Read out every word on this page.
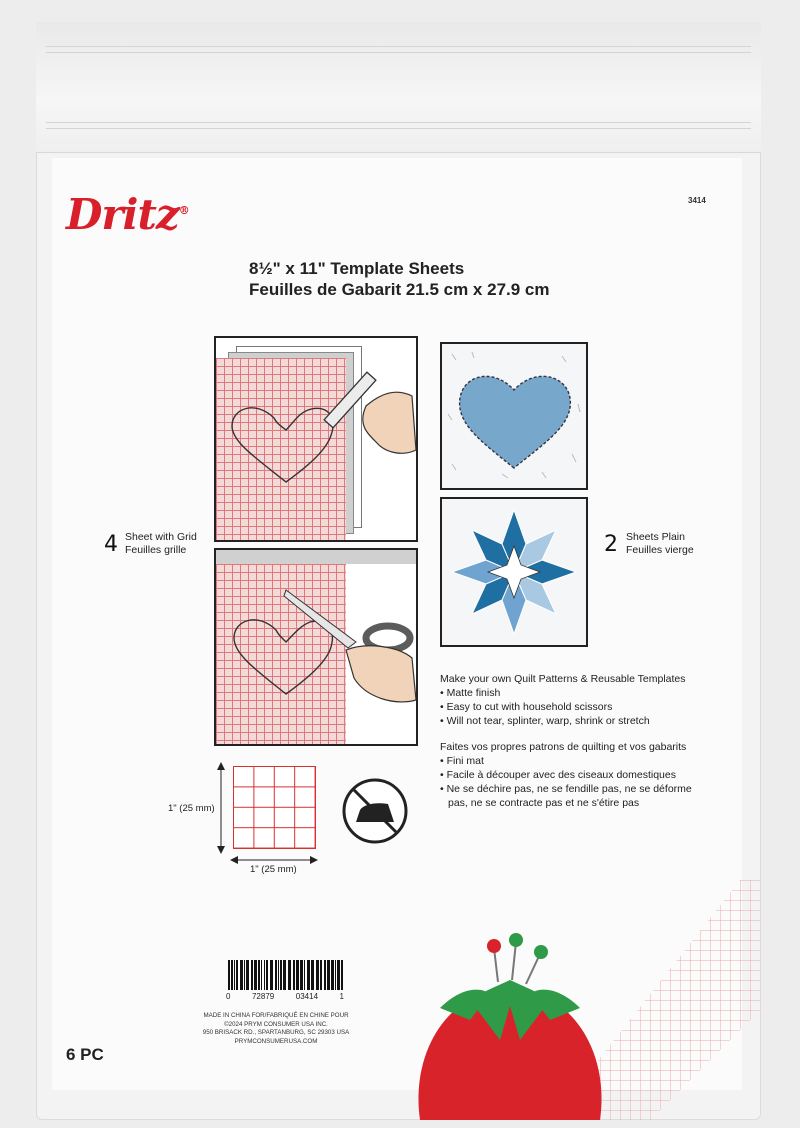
Dritz®
3414
8½" x 11" Template Sheets
Feuilles de Gabarit 21.5 cm x 27.9 cm
4 Sheet with Grid
Feuilles grille	2 Sheets Plain
Feuilles vierge
1" (25 mm)
1" (25 mm)
Make your own Quilt Patterns & Reusable Templates
• Matte finish
• Easy to cut with household scissors
• Will not tear, splinter, warp, shrink or stretch
Faites vos propres patrons de quilting et vos gabarits
• Fini mat
• Facile à découper avec des ciseaux domestiques
• Ne se déchire pas, ne se fendille pas, ne se déforme
pas, ne se contracte pas et ne s'étire pas
0	72879	03414	1
MADE IN CHINA FOR/FABRIQUÉ EN CHINE POUR
©2024 PRYM CONSUMER USA INC.
950 BRISACK RD., SPARTANBURG, SC 29303 USA
PRYMCONSUMERUSA.COM
6 PC
